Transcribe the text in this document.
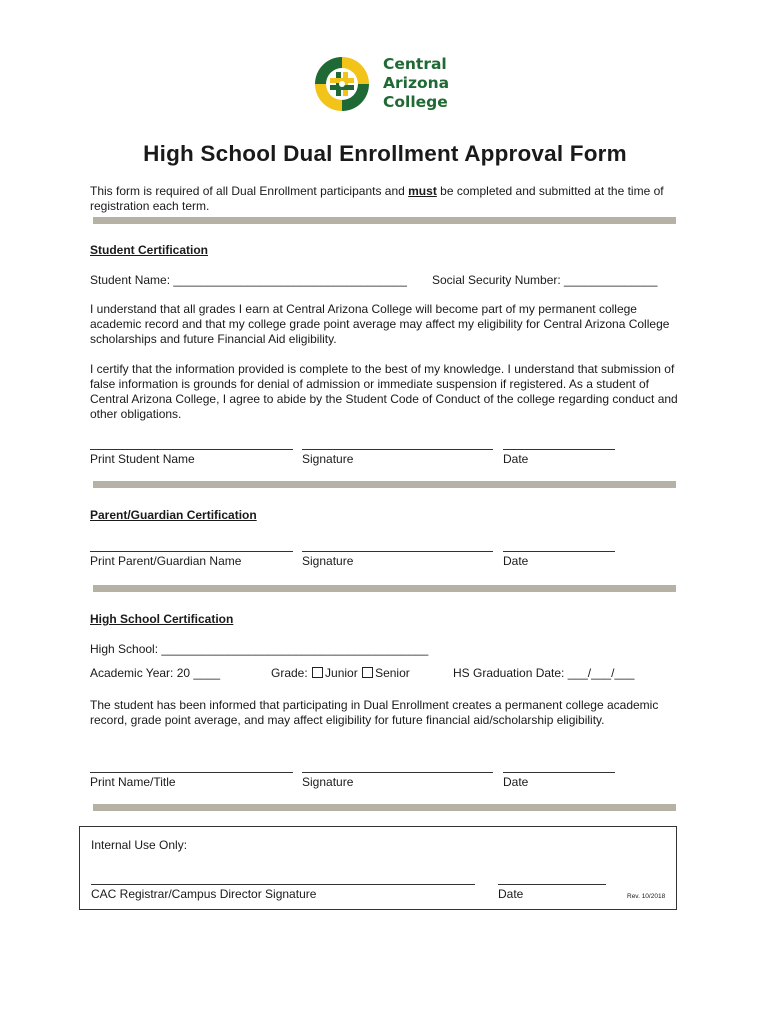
Central
Arizona
College
High School Dual Enrollment Approval Form
This form is required of all Dual Enrollment participants and must be completed and submitted at the time of registration each term.
Student Certification
Student Name: ___________________________________ Social Security Number: ______________
I understand that all grades I earn at Central Arizona College will become part of my permanent college academic record and that my college grade point average may affect my eligibility for Central Arizona College scholarships and future Financial Aid eligibility.
I certify that the information provided is complete to the best of my knowledge. I understand that submission of false information is grounds for denial of admission or immediate suspension if registered. As a student of Central Arizona College, I agree to abide by the Student Code of Conduct of the college regarding conduct and other obligations.
Print Student Name	Signature	Date
Parent/Guardian Certification
Print Parent/Guardian Name	Signature	Date
High School Certification
High School: ________________________________________
Academic Year: 20 ____	Grade: Junior Senior	HS Graduation Date: ___/___/___
The student has been informed that participating in Dual Enrollment creates a permanent college academic record, grade point average, and may affect eligibility for future financial aid/scholarship eligibility.
Print Name/Title	Signature	Date
Internal Use Only:
CAC Registrar/Campus Director Signature	Date	Rev. 10/2018
